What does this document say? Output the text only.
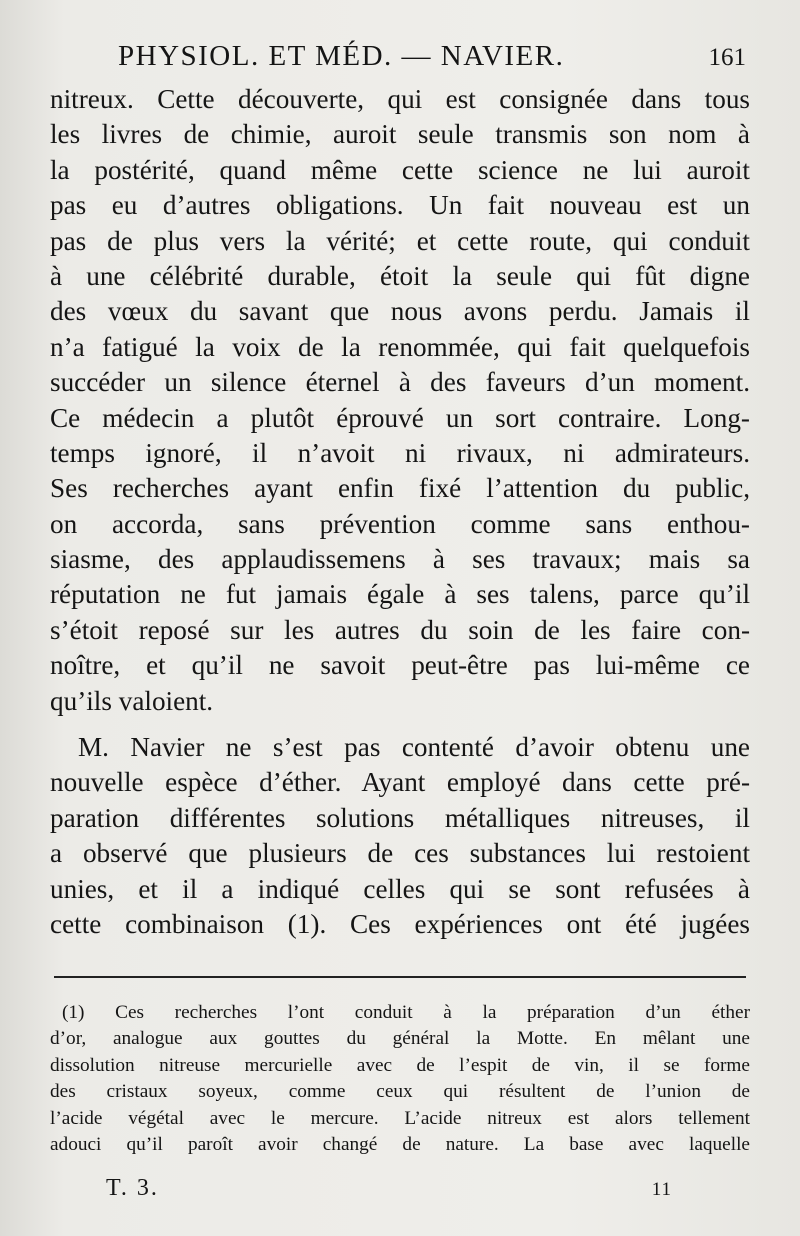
PHYSIOL. ET MÉD. — NAVIER.	161
nitreux. Cette découverte, qui est consignée dans tous
les livres de chimie, auroit seule transmis son nom à
la postérité, quand même cette science ne lui auroit
pas eu d’autres obligations. Un fait nouveau est un
pas de plus vers la vérité; et cette route, qui conduit
à une célébrité durable, étoit la seule qui fût digne
des vœux du savant que nous avons perdu. Jamais il
n’a fatigué la voix de la renommée, qui fait quelquefois
succéder un silence éternel à des faveurs d’un moment.
Ce médecin a plutôt éprouvé un sort contraire. Long-
temps ignoré, il n’avoit ni rivaux, ni admirateurs.
Ses recherches ayant enfin fixé l’attention du public,
on accorda, sans prévention comme sans enthou-
siasme, des applaudissemens à ses travaux; mais sa
réputation ne fut jamais égale à ses talens, parce qu’il
s’étoit reposé sur les autres du soin de les faire con-
noître, et qu’il ne savoit peut-être pas lui-même ce
qu’ils valoient.
M. Navier ne s’est pas contenté d’avoir obtenu une
nouvelle espèce d’éther. Ayant employé dans cette pré-
paration différentes solutions métalliques nitreuses, il
a observé que plusieurs de ces substances lui restoient
unies, et il a indiqué celles qui se sont refusées à
cette combinaison (1). Ces expériences ont été jugées
(1) Ces recherches l’ont conduit à la préparation d’un éther
d’or, analogue aux gouttes du général la Motte. En mêlant une
dissolution nitreuse mercurielle avec de l’espit de vin, il se forme
des cristaux soyeux, comme ceux qui résultent de l’union de
l’acide végétal avec le mercure. L’acide nitreux est alors tellement
adouci qu’il paroît avoir changé de nature. La base avec laquelle
T. 3.	11
